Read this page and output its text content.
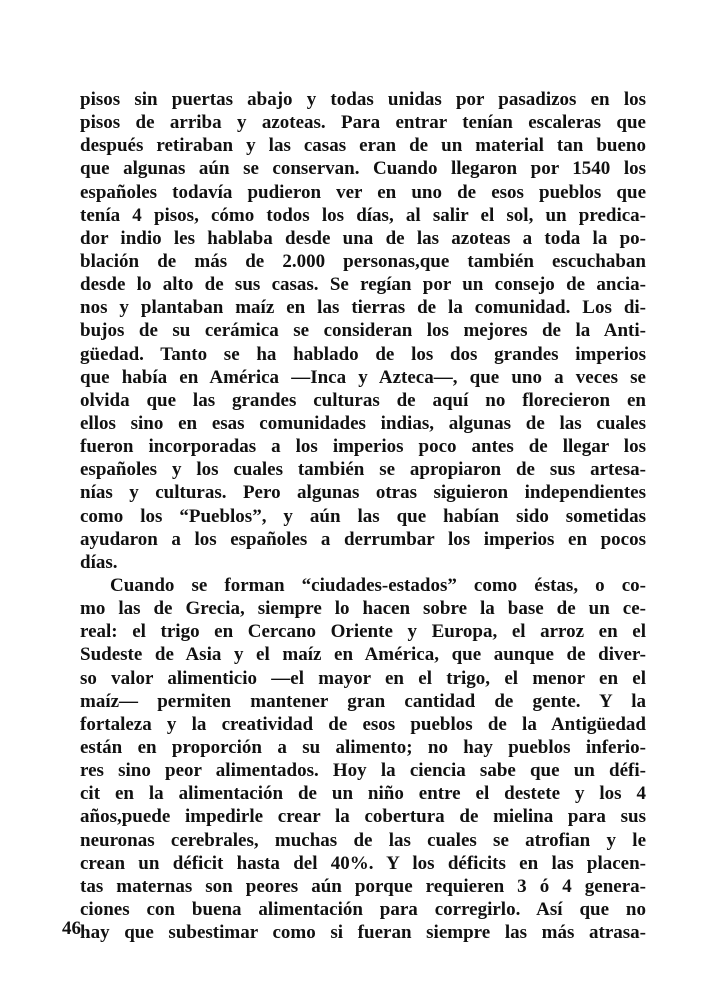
pisos sin puertas abajo y todas unidas por pasadizos en los
pisos de arriba y azoteas. Para entrar tenían escaleras que
después retiraban y las casas eran de un material tan bueno
que algunas aún se conservan. Cuando llegaron por 1540 los
españoles todavía pudieron ver en uno de esos pueblos que
tenía 4 pisos, cómo todos los días, al salir el sol, un predica-
dor indio les hablaba desde una de las azoteas a toda la po-
blación de más de 2.000 personas,que también escuchaban
desde lo alto de sus casas. Se regían por un consejo de ancia-
nos y plantaban maíz en las tierras de la comunidad. Los di-
bujos de su cerámica se consideran los mejores de la Anti-
güedad. Tanto se ha hablado de los dos grandes imperios
que había en América —Inca y Azteca—, que uno a veces se
olvida que las grandes culturas de aquí no florecieron en
ellos sino en esas comunidades indias, algunas de las cuales
fueron incorporadas a los imperios poco antes de llegar los
españoles y los cuales también se apropiaron de sus artesa-
nías y culturas. Pero algunas otras siguieron independientes
como los “Pueblos”, y aún las que habían sido sometidas
ayudaron a los españoles a derrumbar los imperios en pocos
días.
Cuando se forman “ciudades-estados” como éstas, o co-
mo las de Grecia, siempre lo hacen sobre la base de un ce-
real: el trigo en Cercano Oriente y Europa, el arroz en el
Sudeste de Asia y el maíz en América, que aunque de diver-
so valor alimenticio —el mayor en el trigo, el menor en el
maíz— permiten mantener gran cantidad de gente. Y la
fortaleza y la creatividad de esos pueblos de la Antigüedad
están en proporción a su alimento; no hay pueblos inferio-
res sino peor alimentados. Hoy la ciencia sabe que un défi-
cit en la alimentación de un niño entre el destete y los 4
años,puede impedirle crear la cobertura de mielina para sus
neuronas cerebrales, muchas de las cuales se atrofian y le
crean un déficit hasta del 40%. Y los déficits en las placen-
tas maternas son peores aún porque requieren 3 ó 4 genera-
ciones con buena alimentación para corregirlo. Así que no
hay que subestimar como si fueran siempre las más atrasa-
46
